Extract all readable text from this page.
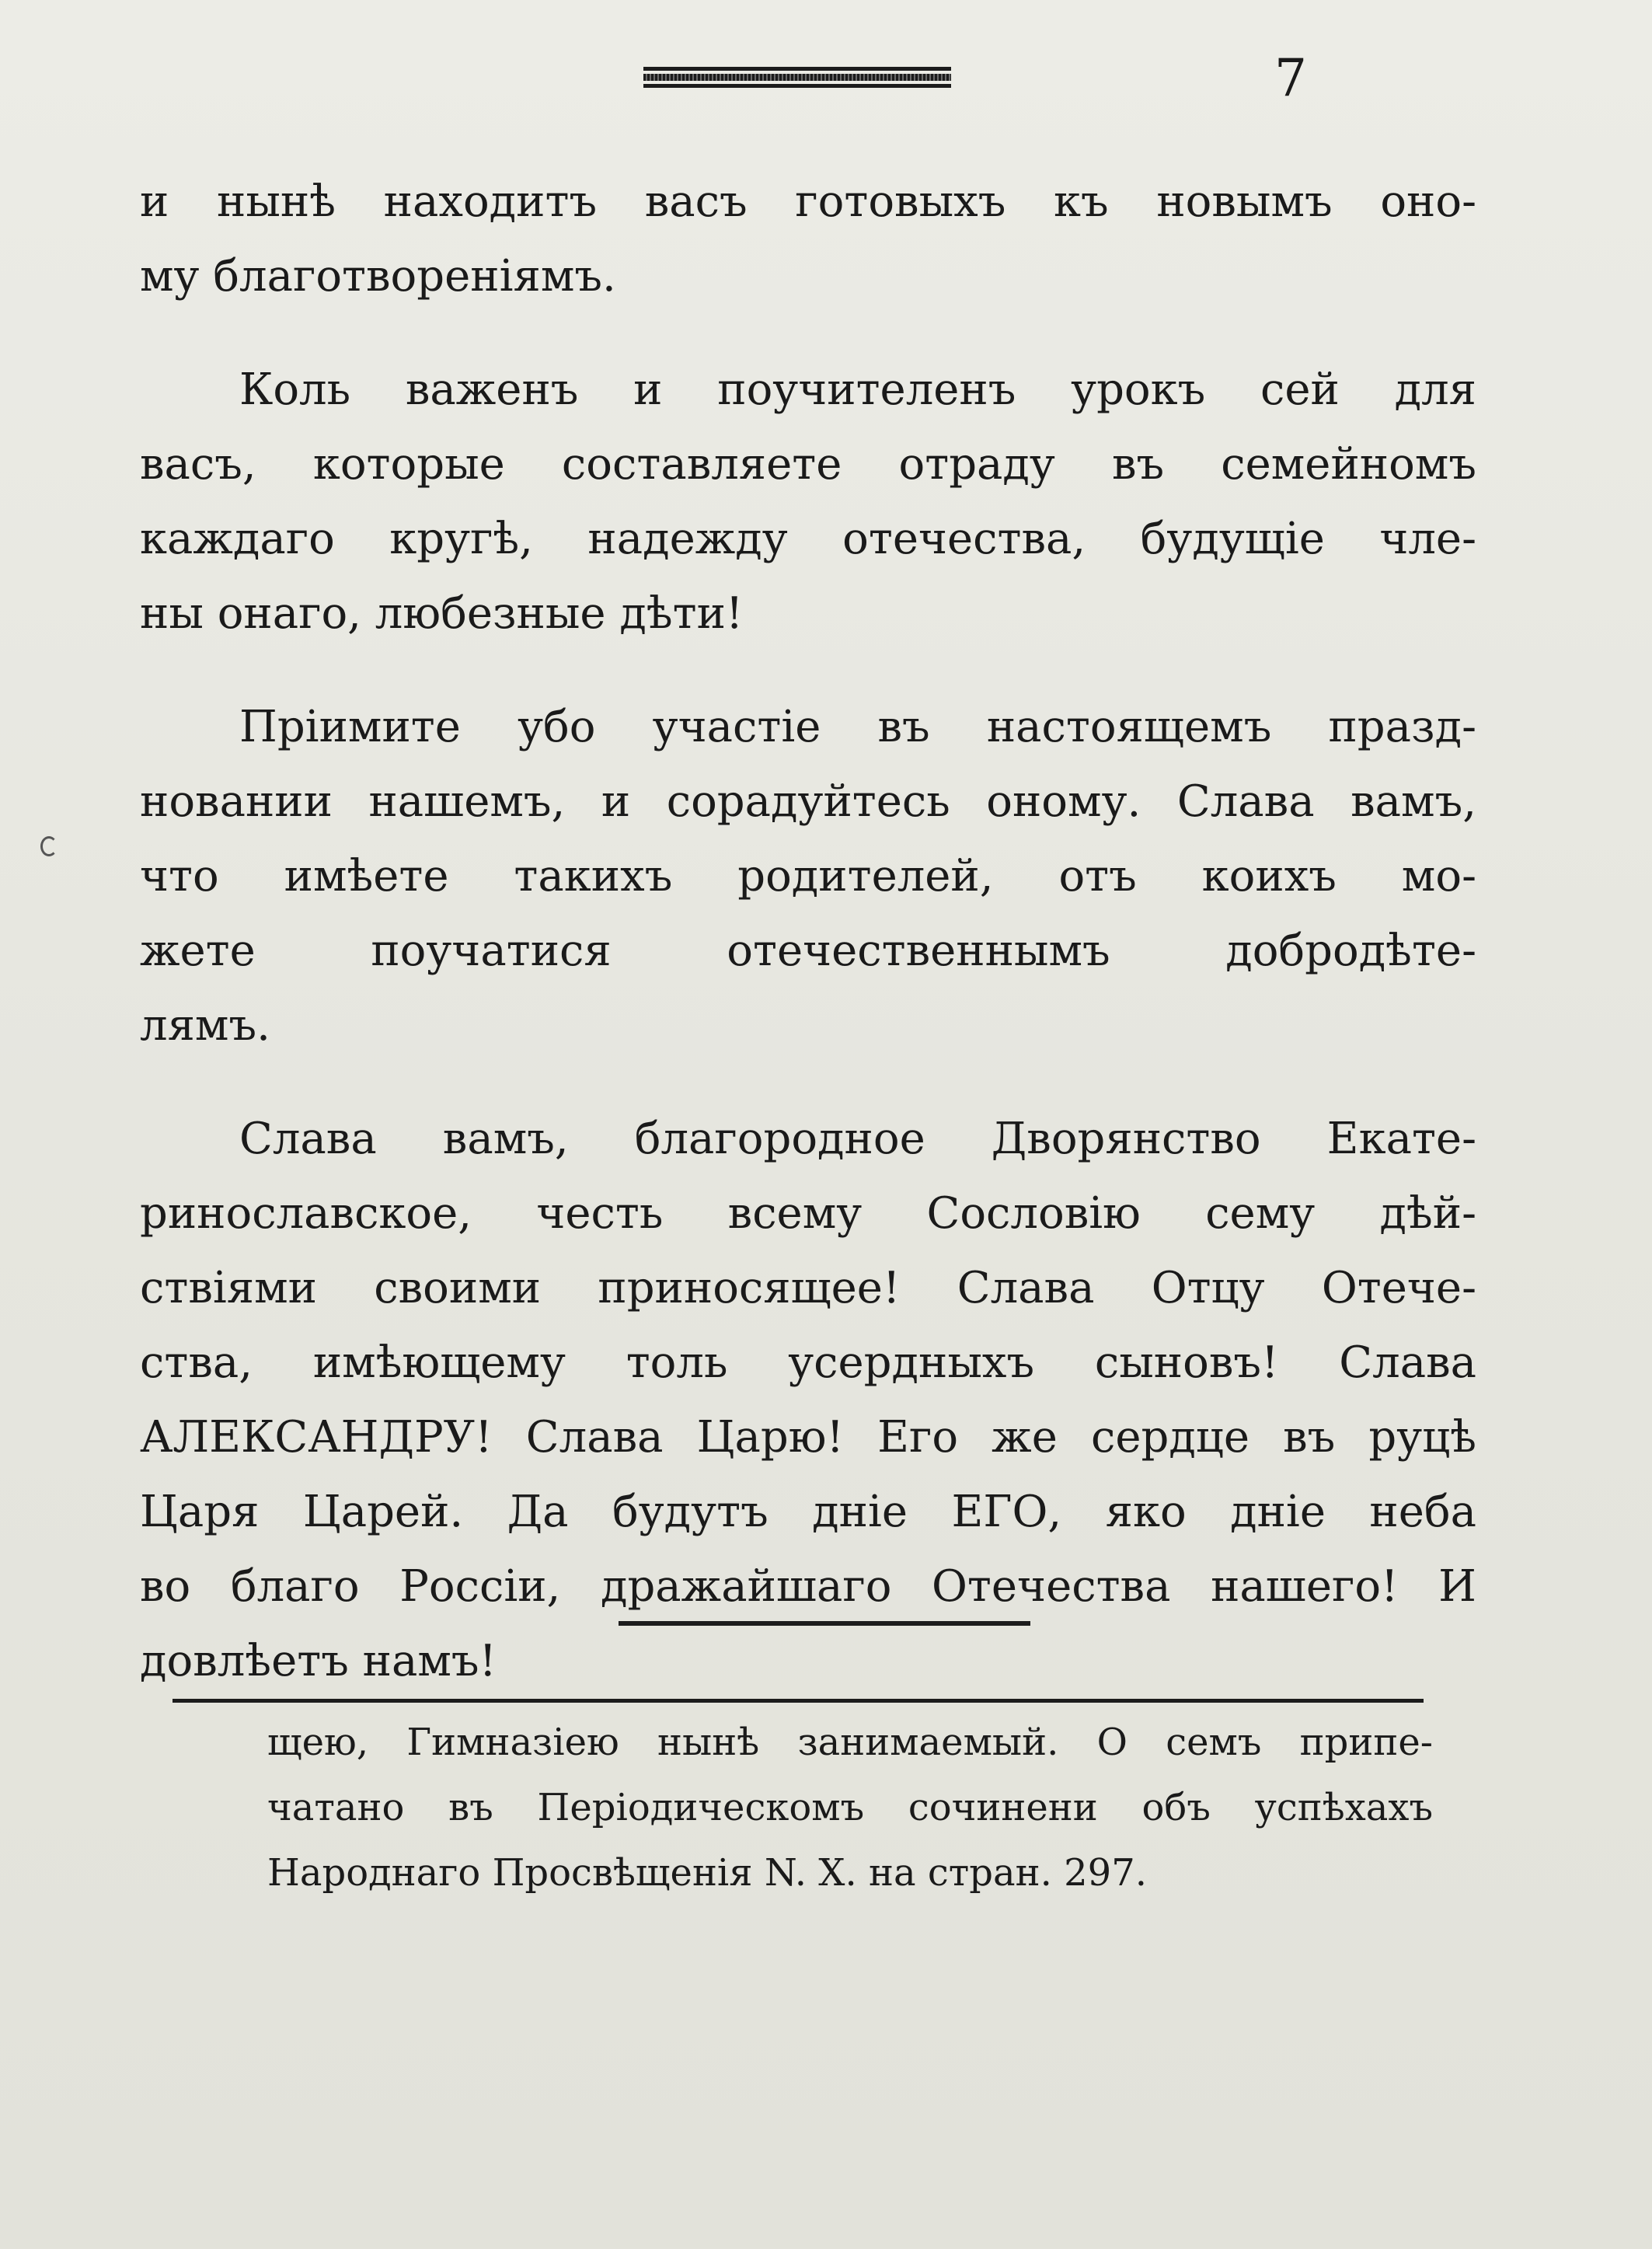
7

и нынѣ находитъ васъ готовыхъ къ новымъ оно-
му благотвореніямъ.

Коль важенъ и поучителенъ урокъ сей для
васъ, которые составляете отраду въ семейномъ
каждаго кругѣ, надежду отечества, будущіе чле-
ны онаго, любезные дѣти!

Пріимите убо участіе въ настоящемъ празд-
новании нашемъ, и сорадуйтесь оному. Слава вамъ,
что имѣете такихъ родителей, отъ коихъ мо-
жете поучатися отечественнымъ добродѣте-
лямъ.

Слава вамъ, благородное Дворянство Екате-
ринославское, честь всему Сословію сему дѣй-
ствіями своими приносящее! Слава Отцу Отече-
ства, имѣющему толь усердныхъ сыновъ! Слава
АЛЕКСАНДРУ! Слава Царю! Его же сердце въ руцѣ
Царя Царей. Да будутъ дніе ЕГО, яко дніе неба
во благо Россіи, дражайшаго Отечества нашего! И
довлѣетъ намъ!

щею, Гимназіею нынѣ занимаемый. О семъ припе-
чатано въ Періодическомъ сочинени объ успѣхахъ
Народнаго Просвѣщенія N. X. на стран. 297.
